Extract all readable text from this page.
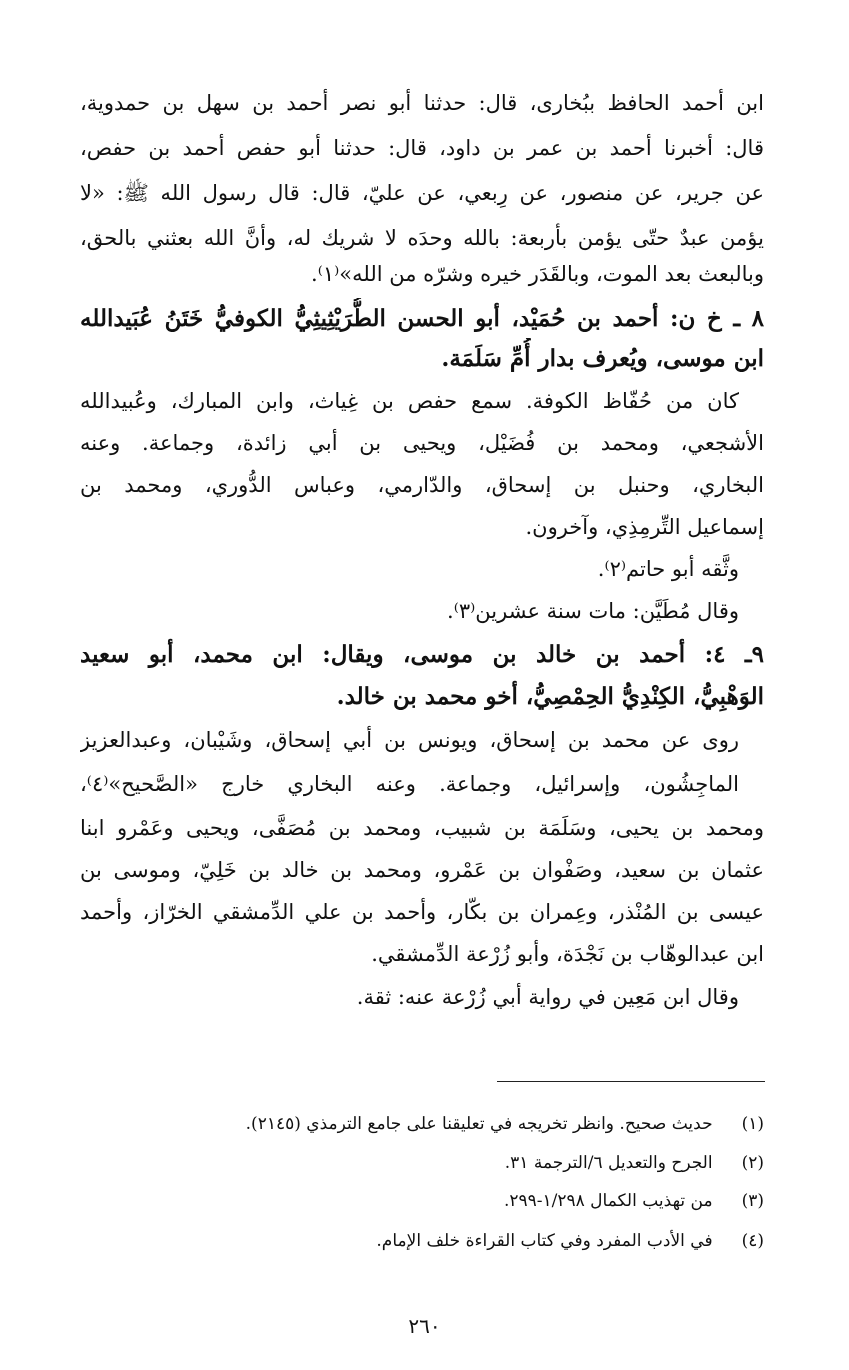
ابن أحمد الحافظ ببُخارى، قال: حدثنا أبو نصر أحمد بن سهل بن حمدوية،
قال: أخبرنا أحمد بن عمر بن داود، قال: حدثنا أبو حفص أحمد بن حفص،
عن جرير، عن منصور، عن رِبعي، عن عليّ، قال: قال رسول الله ﷺ: «لا
يؤمن عبدٌ حتّى يؤمن بأربعة: بالله وحدَه لا شريك له، وأنَّ الله بعثني بالحق،
وبالبعث بعد الموت، وبالقَدَر خيره وشرّه من الله»⁽١⁾.
٨ ـ خ ن: أحمد بن حُمَيْد، أبو الحسن الطُّرَيْثِيثِيُّ الكوفيُّ خَتَنُ عُبَيدالله
ابن موسى، ويُعرف بدار أُمِّ سَلَمَة.
كان من حُفّاظ الكوفة. سمع حفص بن غِياث، وابن المبارك، وعُبيدالله
الأشجعي، ومحمد بن فُضَيْل، ويحيى بن أبي زائدة، وجماعة. وعنه
البخاري، وحنبل بن إسحاق، والدّارمي، وعباس الدُّوري، ومحمد بن
إسماعيل التِّرمِذِي، وآخرون.
وثَّقه أبو حاتم⁽٢⁾.
وقال مُطَيَّن: مات سنة عشرين⁽٣⁾.
٩ـ ٤: أحمد بن خالد بن موسى، ويقال: ابن محمد، أبو سعيد
الوَهْبِيُّ، الكِنْدِيُّ الحِمْصِيُّ، أخو محمد بن خالد.
روى عن محمد بن إسحاق، ويونس بن أبي إسحاق، وشَيْبان، وعبدالعزيز
الماجِشُون، وإسرائيل، وجماعة. وعنه البخاري خارج «الصَّحيح»⁽٤⁾،
ومحمد بن يحيى، وسَلَمَة بن شبيب، ومحمد بن مُصَفَّى، ويحيى وعَمْرو ابنا
عثمان بن سعيد، وصَفْوان بن عَمْرو، ومحمد بن خالد بن خَلِيّ، وموسى بن
عيسى بن المُنْذر، وعِمران بن بكّار، وأحمد بن علي الدِّمشقي الخرّاز، وأحمد
ابن عبدالوهّاب بن نَجْدَة، وأبو زُرْعة الدِّمشقي.
وقال ابن مَعِين في رواية أبي زُرْعة عنه: ثقة.
(١) حديث صحيح. وانظر تخريجه في تعليقنا على جامع الترمذي (٢١٤٥).
(٢) الجرح والتعديل ٦/الترجمة ٣١.
(٣) من تهذيب الكمال ١/٢٩٨-٢٩٩.
(٤) في الأدب المفرد وفي كتاب القراءة خلف الإمام.
٢٦٠
